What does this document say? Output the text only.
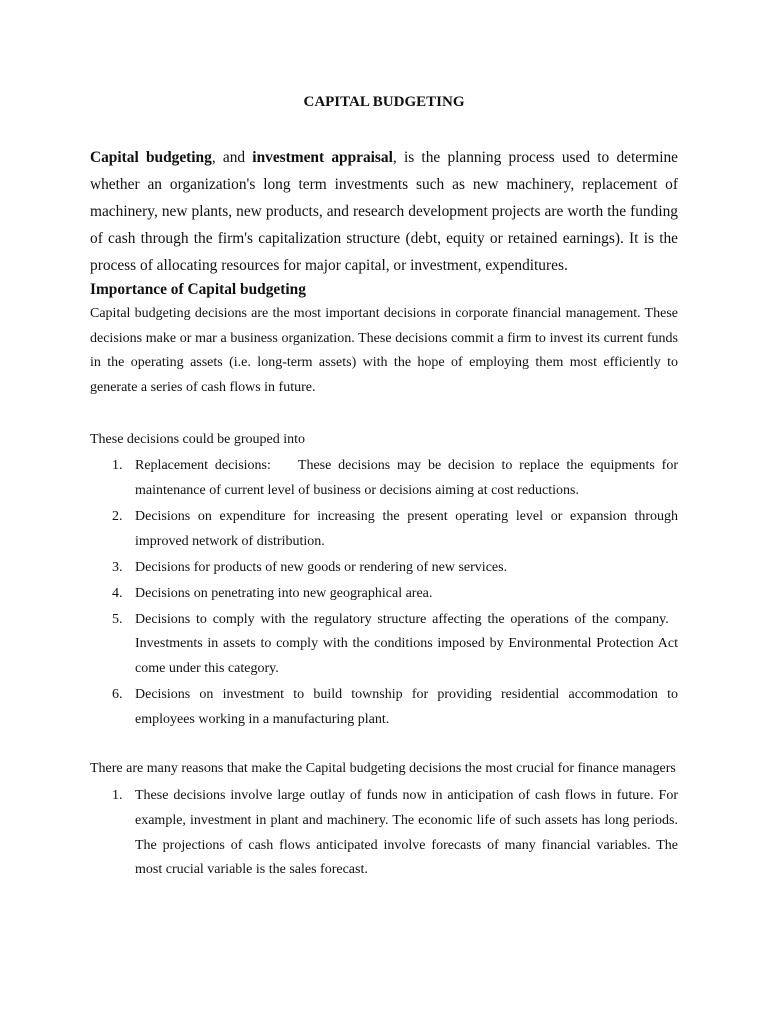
CAPITAL BUDGETING

Capital budgeting, and investment appraisal, is the planning process used to determine whether an organization's long term investments such as new machinery, replacement of machinery, new plants, new products, and research development projects are worth the funding of cash through the firm's capitalization structure (debt, equity or retained earnings). It is the process of allocating resources for major capital, or investment, expenditures.

Importance of Capital budgeting

Capital budgeting decisions are the most important decisions in corporate financial management. These decisions make or mar a business organization. These decisions commit a firm to invest its current funds in the operating assets (i.e. long-term assets) with the hope of employing them most efficiently to generate a series of cash flows in future.

These decisions could be grouped into

1. Replacement decisions:    These decisions may be decision to replace the equipments for maintenance of current level of business or decisions aiming at cost reductions.
2. Decisions on expenditure for increasing the present operating level or expansion through improved network of distribution.
3. Decisions for products of new goods or rendering of new services.
4. Decisions on penetrating into new geographical area.
5. Decisions to comply with the regulatory structure affecting the operations of the company.   Investments in assets to comply with the conditions imposed by Environmental Protection Act come under this category.
6. Decisions on investment to build township for providing residential accommodation to employees working in a manufacturing plant.

There are many reasons that make the Capital budgeting decisions the most crucial for finance managers

1. These decisions involve large outlay of funds now in anticipation of cash flows in future. For example, investment in plant and machinery. The economic life of such assets has long periods. The projections of cash flows anticipated involve forecasts of many financial variables. The most crucial variable is the sales forecast.
